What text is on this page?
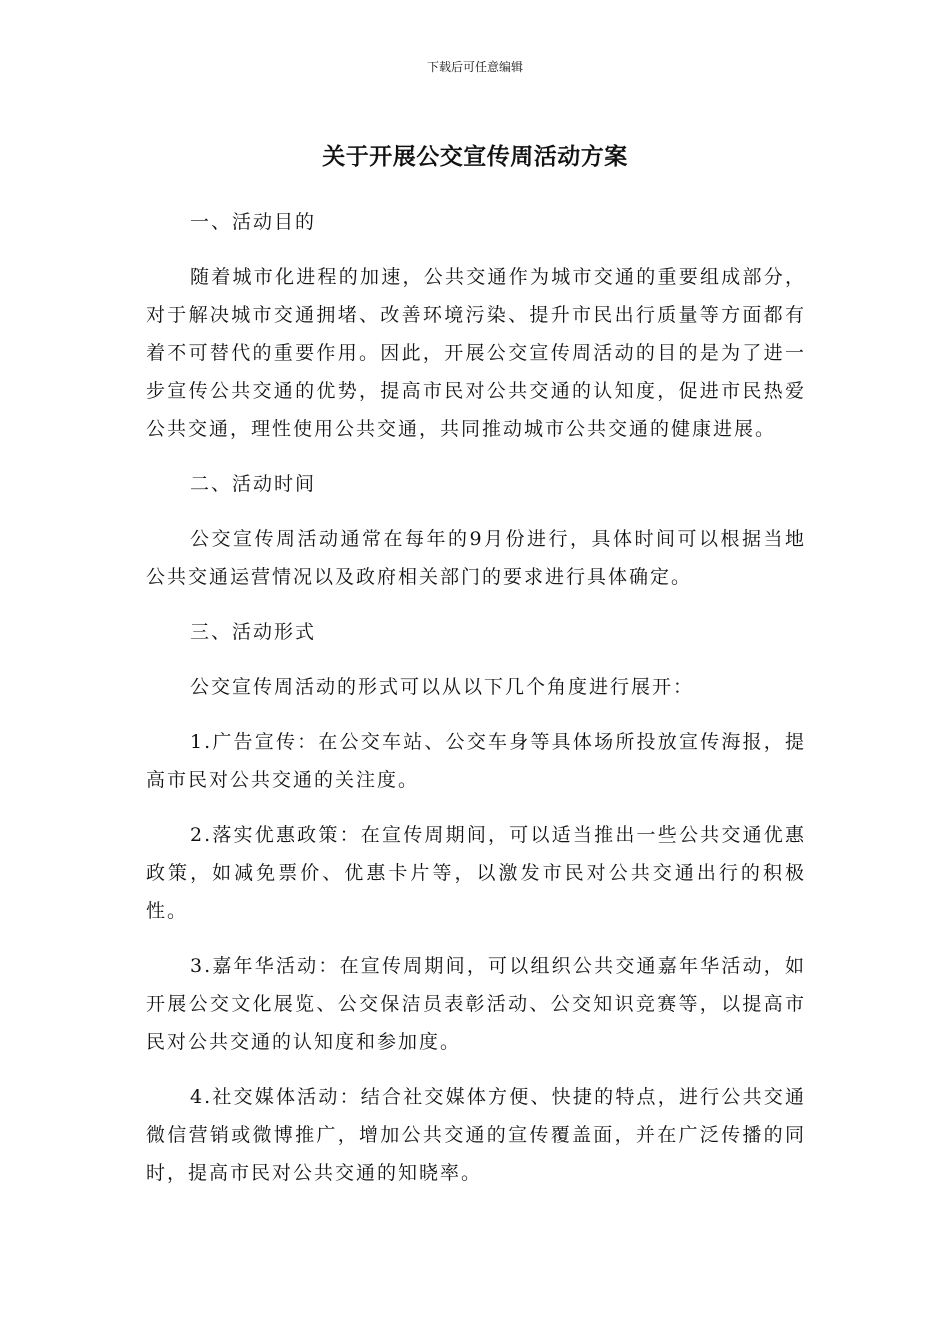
下载后可任意编辑
关于开展公交宣传周活动方案

一、活动目的

随着城市化进程的加速，公共交通作为城市交通的重要组成部分，对于解决城市交通拥堵、改善环境污染、提升市民出行质量等方面都有着不可替代的重要作用。因此，开展公交宣传周活动的目的是为了进一步宣传公共交通的优势，提高市民对公共交通的认知度，促进市民热爱公共交通，理性使用公共交通，共同推动城市公共交通的健康进展。

二、活动时间

公交宣传周活动通常在每年的9月份进行，具体时间可以根据当地公共交通运营情况以及政府相关部门的要求进行具体确定。

三、活动形式

公交宣传周活动的形式可以从以下几个角度进行展开：

1.广告宣传：在公交车站、公交车身等具体场所投放宣传海报，提高市民对公共交通的关注度。

2.落实优惠政策：在宣传周期间，可以适当推出一些公共交通优惠政策，如减免票价、优惠卡片等，以激发市民对公共交通出行的积极性。

3.嘉年华活动：在宣传周期间，可以组织公共交通嘉年华活动，如开展公交文化展览、公交保洁员表彰活动、公交知识竞赛等，以提高市民对公共交通的认知度和参加度。

4.社交媒体活动：结合社交媒体方便、快捷的特点，进行公共交通微信营销或微博推广，增加公共交通的宣传覆盖面，并在广泛传播的同时，提高市民对公共交通的知晓率。
